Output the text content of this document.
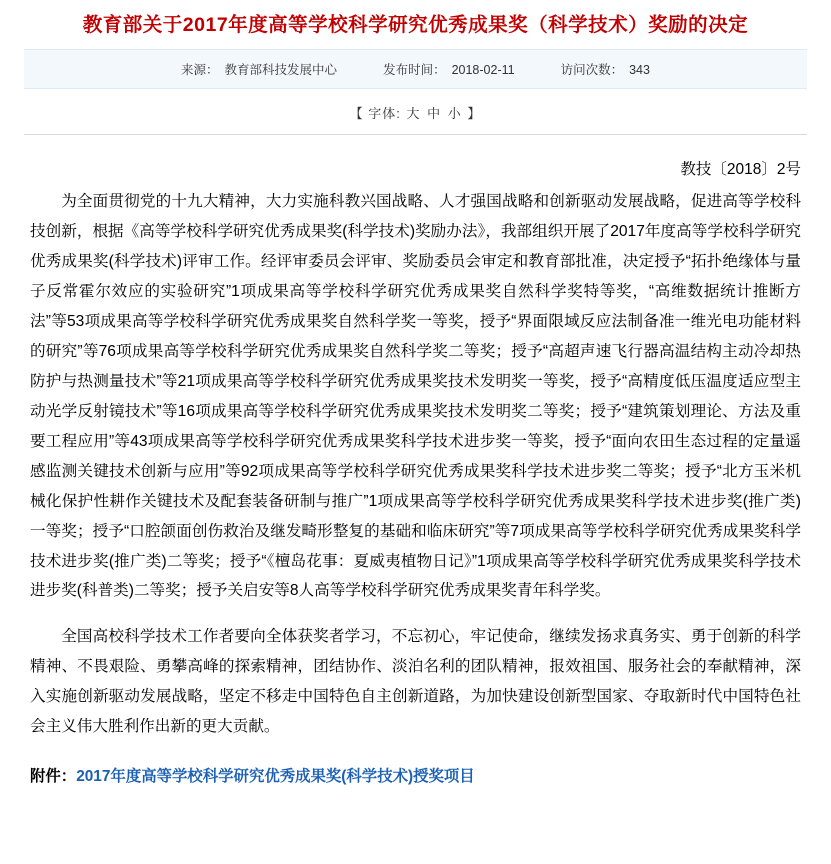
教育部关于2017年度高等学校科学研究优秀成果奖（科学技术）奖励的决定
来源： 教育部科技发展中心	发布时间： 2018-02-11	访问次数： 343
【 字体: 大 中 小 】
教技〔2018〕2号

为全面贯彻党的十九大精神，大力实施科教兴国战略、人才强国战略和创新驱动发展战略，促进高等学校科技创新，根据《高等学校科学研究优秀成果奖(科学技术)奖励办法》，我部组织开展了2017年度高等学校科学研究优秀成果奖(科学技术)评审工作。经评审委员会评审、奖励委员会审定和教育部批准，决定授予“拓扑绝缘体与量子反常霍尔效应的实验研究”1项成果高等学校科学研究优秀成果奖自然科学奖特等奖，“高维数据统计推断方法”等53项成果高等学校科学研究优秀成果奖自然科学奖一等奖，授予“界面限域反应法制备准一维光电功能材料的研究”等76项成果高等学校科学研究优秀成果奖自然科学奖二等奖；授予“高超声速飞行器高温结构主动冷却热防护与热测量技术”等21项成果高等学校科学研究优秀成果奖技术发明奖一等奖，授予“高精度低压温度适应型主动光学反射镜技术”等16项成果高等学校科学研究优秀成果奖技术发明奖二等奖；授予“建筑策划理论、方法及重要工程应用”等43项成果高等学校科学研究优秀成果奖科学技术进步奖一等奖，授予“面向农田生态过程的定量遥感监测关键技术创新与应用”等92项成果高等学校科学研究优秀成果奖科学技术进步奖二等奖；授予“北方玉米机械化保护性耕作关键技术及配套装备研制与推广”1项成果高等学校科学研究优秀成果奖科学技术进步奖(推广类)一等奖；授予“口腔颌面创伤救治及继发畸形整复的基础和临床研究”等7项成果高等学校科学研究优秀成果奖科学技术进步奖(推广类)二等奖；授予“《檀岛花事：夏威夷植物日记》”1项成果高等学校科学研究优秀成果奖科学技术进步奖(科普类)二等奖；授予关启安等8人高等学校科学研究优秀成果奖青年科学奖。

全国高校科学技术工作者要向全体获奖者学习，不忘初心，牢记使命，继续发扬求真务实、勇于创新的科学精神、不畏艰险、勇攀高峰的探索精神，团结协作、淡泊名利的团队精神，报效祖国、服务社会的奉献精神，深入实施创新驱动发展战略，坚定不移走中国特色自主创新道路，为加快建设创新型国家、夺取新时代中国特色社会主义伟大胜利作出新的更大贡献。

附件：2017年度高等学校科学研究优秀成果奖(科学技术)授奖项目
